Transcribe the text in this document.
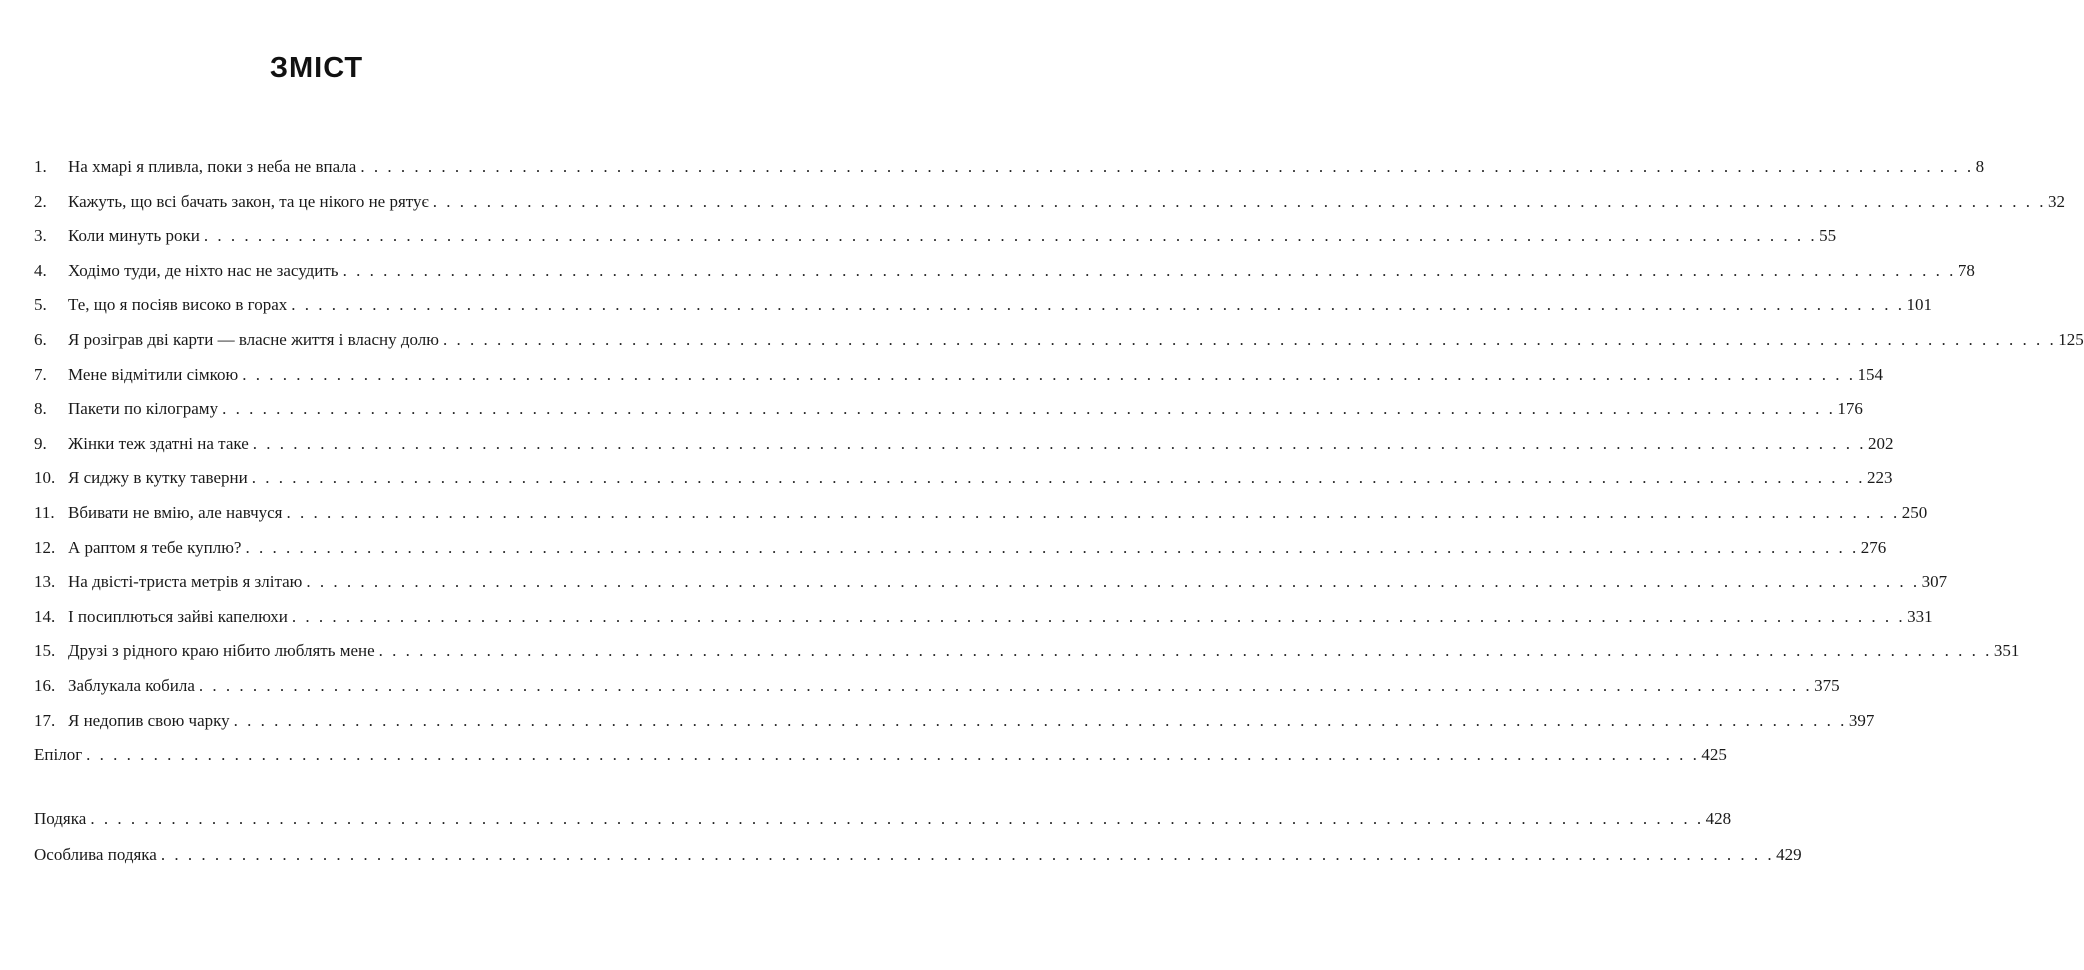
ЗМІСТ
1.	На хмарі я пливла, поки з неба не впала . . . . . . . . . . . . . . . . . . . . . . . . . . . . . . . . . . . . . . . . . . . . . . . . . . . . . . . . . . . . . . . . . . . . . . . . . . . . . . . . . . . . . . . . . . . . . . . . . . . . . . . . . . . . . . . . . . . . . . . . 8
2.	Кажуть, що всі бачать закон, та це нікого не рятує . . . . . . . . . . . . . . . . . . . . . . . . . . . . . . . . . . . . . . . . . . . . . . . . . . . . . . . . . . . . . . . . . . . . . . . . . . . . . . . . . . . . . . . . . . . . . . . . . . . . . . . . . . . . . . . . . . . . . . . . 32
3.	Коли минуть роки . . . . . . . . . . . . . . . . . . . . . . . . . . . . . . . . . . . . . . . . . . . . . . . . . . . . . . . . . . . . . . . . . . . . . . . . . . . . . . . . . . . . . . . . . . . . . . . . . . . . . . . . . . . . . . . . . . . . . . . . 55
4.	Ходімо туди, де ніхто нас не засудить . . . . . . . . . . . . . . . . . . . . . . . . . . . . . . . . . . . . . . . . . . . . . . . . . . . . . . . . . . . . . . . . . . . . . . . . . . . . . . . . . . . . . . . . . . . . . . . . . . . . . . . . . . . . . . . . . . . . . . . . 78
5.	Те, що я посіяв високо в горах . . . . . . . . . . . . . . . . . . . . . . . . . . . . . . . . . . . . . . . . . . . . . . . . . . . . . . . . . . . . . . . . . . . . . . . . . . . . . . . . . . . . . . . . . . . . . . . . . . . . . . . . . . . . . . . . . . . . . . . . 101
6.	Я розіграв дві карти — власне життя і власну долю . . . . . . . . . . . . . . . . . . . . . . . . . . . . . . . . . . . . . . . . . . . . . . . . . . . . . . . . . . . . . . . . . . . . . . . . . . . . . . . . . . . . . . . . . . . . . . . . . . . . . . . . . . . . . . . . . . . . . . . . 125
7.	Мене відмітили сімкою . . . . . . . . . . . . . . . . . . . . . . . . . . . . . . . . . . . . . . . . . . . . . . . . . . . . . . . . . . . . . . . . . . . . . . . . . . . . . . . . . . . . . . . . . . . . . . . . . . . . . . . . . . . . . . . . . . . . . . . . 154
8.	Пакети по кілограму . . . . . . . . . . . . . . . . . . . . . . . . . . . . . . . . . . . . . . . . . . . . . . . . . . . . . . . . . . . . . . . . . . . . . . . . . . . . . . . . . . . . . . . . . . . . . . . . . . . . . . . . . . . . . . . . . . . . . . . . 176
9.	Жінки теж здатні на таке . . . . . . . . . . . . . . . . . . . . . . . . . . . . . . . . . . . . . . . . . . . . . . . . . . . . . . . . . . . . . . . . . . . . . . . . . . . . . . . . . . . . . . . . . . . . . . . . . . . . . . . . . . . . . . . . . . . . . . . . 202
10. Я сиджу в кутку таверни . . . . . . . . . . . . . . . . . . . . . . . . . . . . . . . . . . . . . . . . . . . . . . . . . . . . . . . . . . . . . . . . . . . . . . . . . . . . . . . . . . . . . . . . . . . . . . . . . . . . . . . . . . . . . . . . . . . . . . . . 223
11. Вбивати не вмію, але навчуся . . . . . . . . . . . . . . . . . . . . . . . . . . . . . . . . . . . . . . . . . . . . . . . . . . . . . . . . . . . . . . . . . . . . . . . . . . . . . . . . . . . . . . . . . . . . . . . . . . . . . . . . . . . . . . . . . . . . . . . . 250
12. А раптом я тебе куплю? . . . . . . . . . . . . . . . . . . . . . . . . . . . . . . . . . . . . . . . . . . . . . . . . . . . . . . . . . . . . . . . . . . . . . . . . . . . . . . . . . . . . . . . . . . . . . . . . . . . . . . . . . . . . . . . . . . . . . . . . 276
13. На двісті-триста метрів я злітаю . . . . . . . . . . . . . . . . . . . . . . . . . . . . . . . . . . . . . . . . . . . . . . . . . . . . . . . . . . . . . . . . . . . . . . . . . . . . . . . . . . . . . . . . . . . . . . . . . . . . . . . . . . . . . . . . . . . . . . . . 307
14. І посиплються зайві капелюхи . . . . . . . . . . . . . . . . . . . . . . . . . . . . . . . . . . . . . . . . . . . . . . . . . . . . . . . . . . . . . . . . . . . . . . . . . . . . . . . . . . . . . . . . . . . . . . . . . . . . . . . . . . . . . . . . . . . . . . . . 331
15. Друзі з рідного краю нібито люблять мене . . . . . . . . . . . . . . . . . . . . . . . . . . . . . . . . . . . . . . . . . . . . . . . . . . . . . . . . . . . . . . . . . . . . . . . . . . . . . . . . . . . . . . . . . . . . . . . . . . . . . . . . . . . . . . . . . . . . . . . . 351
16. Заблукала кобила . . . . . . . . . . . . . . . . . . . . . . . . . . . . . . . . . . . . . . . . . . . . . . . . . . . . . . . . . . . . . . . . . . . . . . . . . . . . . . . . . . . . . . . . . . . . . . . . . . . . . . . . . . . . . . . . . . . . . . . . 375
17. Я недопив свою чарку . . . . . . . . . . . . . . . . . . . . . . . . . . . . . . . . . . . . . . . . . . . . . . . . . . . . . . . . . . . . . . . . . . . . . . . . . . . . . . . . . . . . . . . . . . . . . . . . . . . . . . . . . . . . . . . . . . . . . . . . 397
Епілог . . . . . . . . . . . . . . . . . . . . . . . . . . . . . . . . . . . . . . . . . . . . . . . . . . . . . . . . . . . . . . . . . . . . . . . . . . . . . . . . . . . . . . . . . . . . . . . . . . . . . . . . . . . . . . . . . . . . . . . . 425
Подяка . . . . . . . . . . . . . . . . . . . . . . . . . . . . . . . . . . . . . . . . . . . . . . . . . . . . . . . . . . . . . . . . . . . . . . . . . . . . . . . . . . . . . . . . . . . . . . . . . . . . . . . . . . . . . . . . . . . . . . . . 428
Особлива подяка . . . . . . . . . . . . . . . . . . . . . . . . . . . . . . . . . . . . . . . . . . . . . . . . . . . . . . . . . . . . . . . . . . . . . . . . . . . . . . . . . . . . . . . . . . . . . . . . . . . . . . . . . . . . . . . . . . . . . . . . 429
